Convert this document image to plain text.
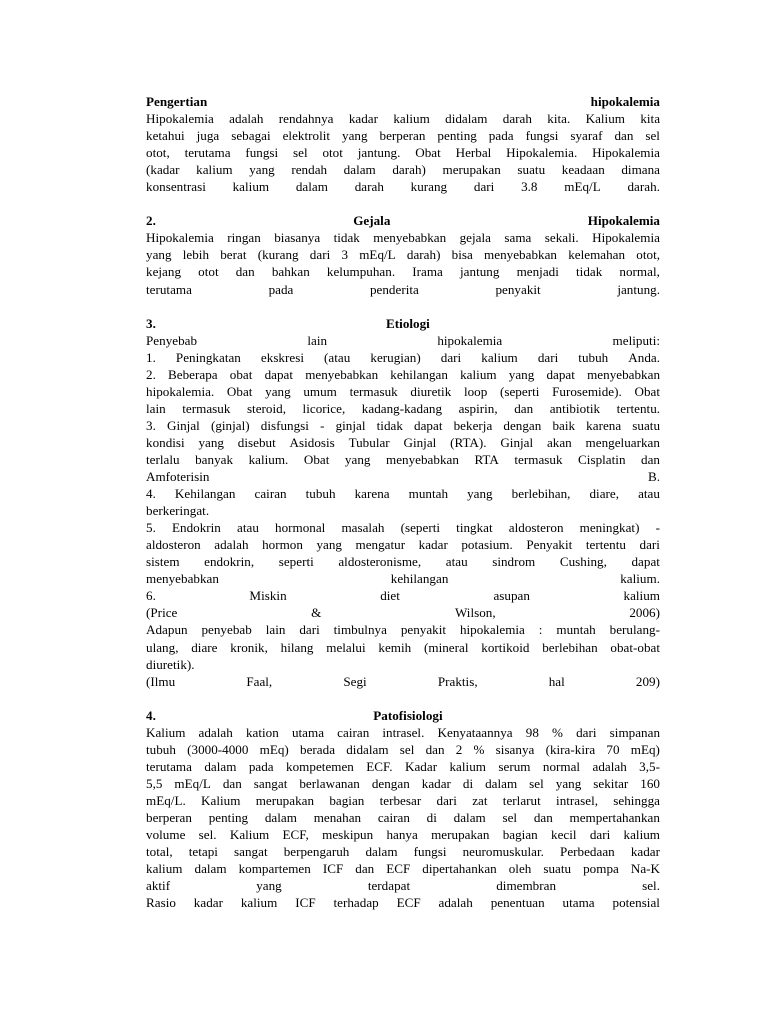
Pengertian	hipokalemia
Hipokalemia adalah rendahnya kadar kalium didalam darah kita. Kalium kita
ketahui juga sebagai elektrolit yang berperan penting pada fungsi syaraf dan sel
otot, terutama fungsi sel otot jantung. Obat Herbal Hipokalemia. Hipokalemia
(kadar kalium yang rendah dalam darah) merupakan suatu keadaan dimana
konsentrasi kalium dalam darah kurang dari 3.8 mEq/L darah.
2.	Gejala	Hipokalemia
Hipokalemia ringan biasanya tidak menyebabkan gejala sama sekali. Hipokalemia
yang lebih berat (kurang dari 3 mEq/L darah) bisa menyebabkan kelemahan otot,
kejang otot dan bahkan kelumpuhan. Irama jantung menjadi tidak normal,
terutama	pada	penderita	penyakit	jantung.
3.	Etiologi
Penyebab	lain	hipokalemia	meliputi:
1. Peningkatan ekskresi (atau kerugian) dari kalium dari tubuh Anda.
2. Beberapa obat dapat menyebabkan kehilangan kalium yang dapat menyebabkan
hipokalemia. Obat yang umum termasuk diuretik loop (seperti Furosemide). Obat
lain termasuk steroid, licorice, kadang-kadang aspirin, dan antibiotik tertentu.
3. Ginjal (ginjal) disfungsi - ginjal tidak dapat bekerja dengan baik karena suatu
kondisi yang disebut Asidosis Tubular Ginjal (RTA). Ginjal akan mengeluarkan
terlalu banyak kalium. Obat yang menyebabkan RTA termasuk Cisplatin dan
Amfoterisin	B.
4. Kehilangan cairan tubuh karena muntah yang berlebihan, diare, atau
berkeringat.
5. Endokrin atau hormonal masalah (seperti tingkat aldosteron meningkat) -
aldosteron adalah hormon yang mengatur kadar potasium. Penyakit tertentu dari
sistem endokrin, seperti aldosteronisme, atau sindrom Cushing, dapat
menyebabkan	kehilangan	kalium.
6.	Miskin	diet	asupan	kalium
(Price	&	Wilson,	2006)
Adapun penyebab lain dari timbulnya penyakit hipokalemia : muntah berulang-
ulang, diare kronik, hilang melalui kemih (mineral kortikoid berlebihan obat-obat
diuretik).
(Ilmu	Faal,	Segi	Praktis,	hal	209)
4.	Patofisiologi
Kalium adalah kation utama cairan intrasel. Kenyataannya 98 % dari simpanan
tubuh (3000-4000 mEq) berada didalam sel dan 2 % sisanya (kira-kira 70 mEq)
terutama dalam pada kompetemen ECF. Kadar kalium serum normal adalah 3,5-
5,5 mEq/L dan sangat berlawanan dengan kadar di dalam sel yang sekitar 160
mEq/L. Kalium merupakan bagian terbesar dari zat terlarut intrasel, sehingga
berperan penting dalam menahan cairan di dalam sel dan mempertahankan
volume sel. Kalium ECF, meskipun hanya merupakan bagian kecil dari kalium
total, tetapi sangat berpengaruh dalam fungsi neuromuskular. Perbedaan kadar
kalium dalam kompartemen ICF dan ECF dipertahankan oleh suatu pompa Na-K
aktif	yang	terdapat	dimembran	sel.
Rasio kadar kalium ICF terhadap ECF adalah penentuan utama potensial
